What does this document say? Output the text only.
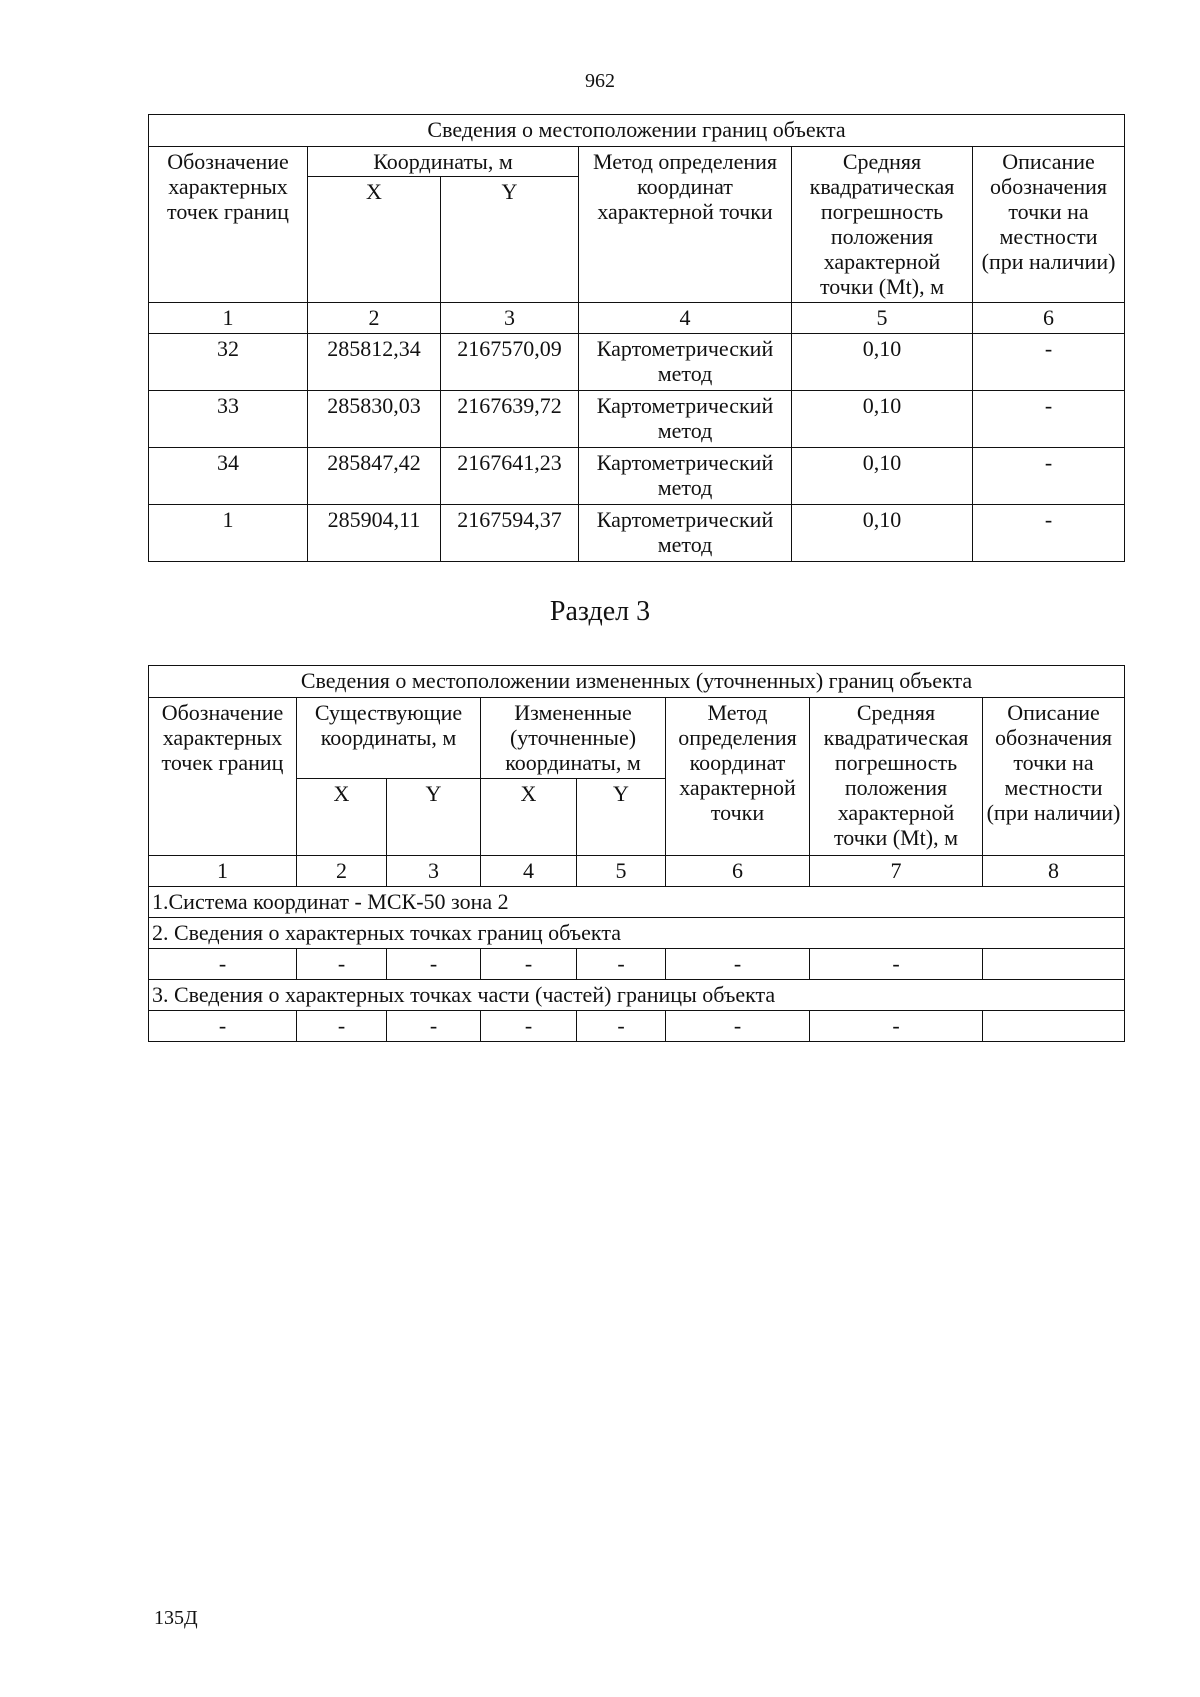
962
Сведения о местоположении границ объекта					
Обозначение характерных точек границ	Координаты, м		Метод определения координат характерной точки	Средняя квадратическая погрешность положения характерной точки (Mt), м	Описание обозначения точки на местности (при наличии)
	X	Y			
1	2	3	4	5	6
32	285812,34	2167570,09	Картометрический метод	0,10	-
33	285830,03	2167639,72	Картометрический метод	0,10	-
34	285847,42	2167641,23	Картометрический метод	0,10	-
1	285904,11	2167594,37	Картометрический метод	0,10	-
Раздел 3
Сведения о местоположении измененных (уточненных) границ объекта							
Обозначение характерных точек границ	Существующие координаты, м		Измененные (уточненные) координаты, м		Метод определения координат характерной точки	Средняя квадратическая погрешность положения характерной точки (Mt), м	Описание обозначения точки на местности (при наличии)
	X	Y	X	Y			
1	2	3	4	5	6	7	8
1.Система координат - МСК-50 зона 2							
2. Сведения о характерных точках границ объекта							
-	-	-	-	-	-	-	
3. Сведения о характерных точках части (частей) границы объекта							
-	-	-	-	-	-	-	
135Д
